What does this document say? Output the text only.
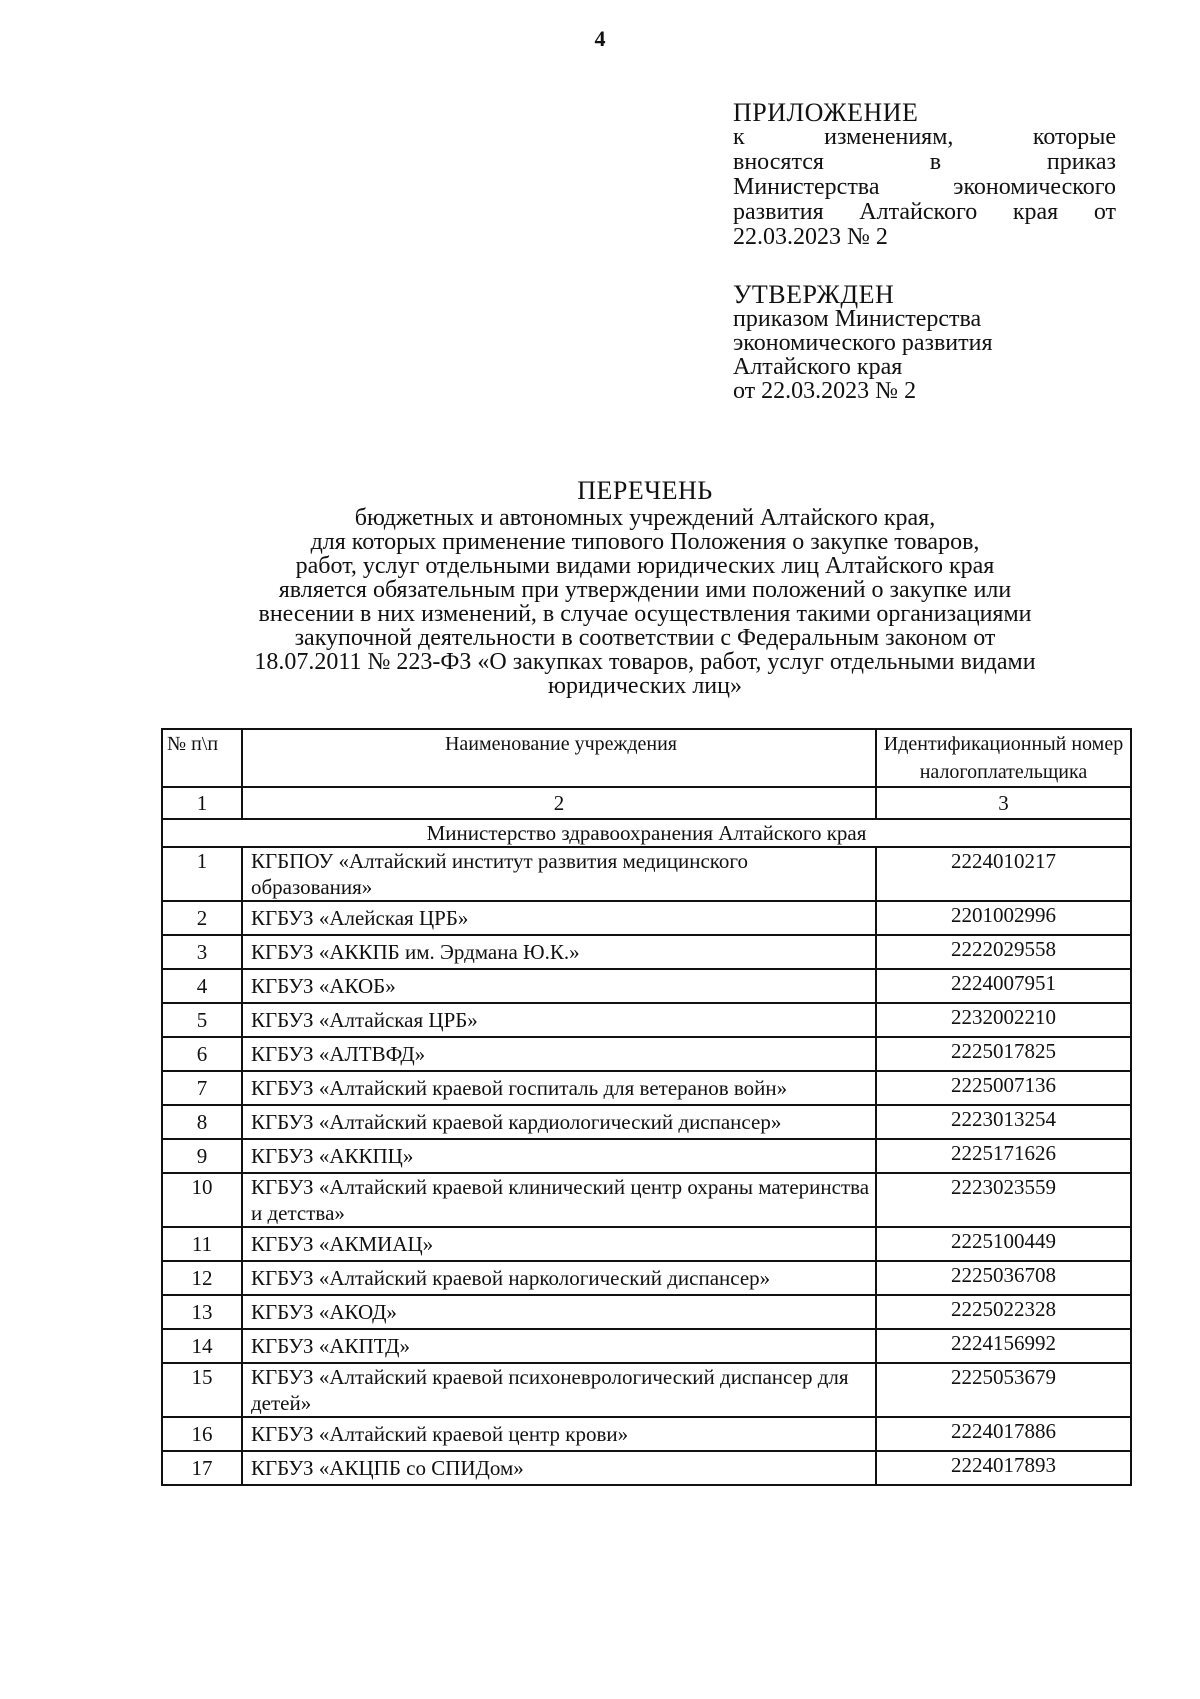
4
ПРИЛОЖЕНИЕ
к изменениям, которые
вносятся в приказ
Министерства экономического
развития Алтайского края от
22.03.2023 № 2
УТВЕРЖДЕН
приказом Министерства
экономического развития
Алтайского края
от 22.03.2023 № 2
ПЕРЕЧЕНЬ
бюджетных и автономных учреждений Алтайского края,
для которых применение типового Положения о закупке товаров,
работ, услуг отдельными видами юридических лиц Алтайского края
является обязательным при утверждении ими положений о закупке или
внесении в них изменений, в случае осуществления такими организациями
закупочной деятельности в соответствии с Федеральным законом от
18.07.2011 № 223-ФЗ «О закупках товаров, работ, услуг отдельными видами
юридических лиц»
№ п\п	Наименование учреждения	Идентификационный номер налогоплательщика
1	2	3
Министерство здравоохранения Алтайского края		
1	КГБПОУ «Алтайский институт развития медицинского образования»	2224010217
2	КГБУЗ «Алейская ЦРБ»	2201002996
3	КГБУЗ «АККПБ им. Эрдмана Ю.К.»	2222029558
4	КГБУЗ «АКОБ»	2224007951
5	КГБУЗ «Алтайская ЦРБ»	2232002210
6	КГБУЗ «АЛТВФД»	2225017825
7	КГБУЗ «Алтайский краевой госпиталь для ветеранов войн»	2225007136
8	КГБУЗ «Алтайский краевой кардиологический диспансер»	2223013254
9	КГБУЗ «АККПЦ»	2225171626
10	КГБУЗ «Алтайский краевой клинический центр охраны материнства и детства»	2223023559
11	КГБУЗ «АКМИАЦ»	2225100449
12	КГБУЗ «Алтайский краевой наркологический диспансер»	2225036708
13	КГБУЗ «АКОД»	2225022328
14	КГБУЗ «АКПТД»	2224156992
15	КГБУЗ «Алтайский краевой психоневрологический диспансер для детей»	2225053679
16	КГБУЗ «Алтайский краевой центр крови»	2224017886
17	КГБУЗ «АКЦПБ со СПИДом»	2224017893
